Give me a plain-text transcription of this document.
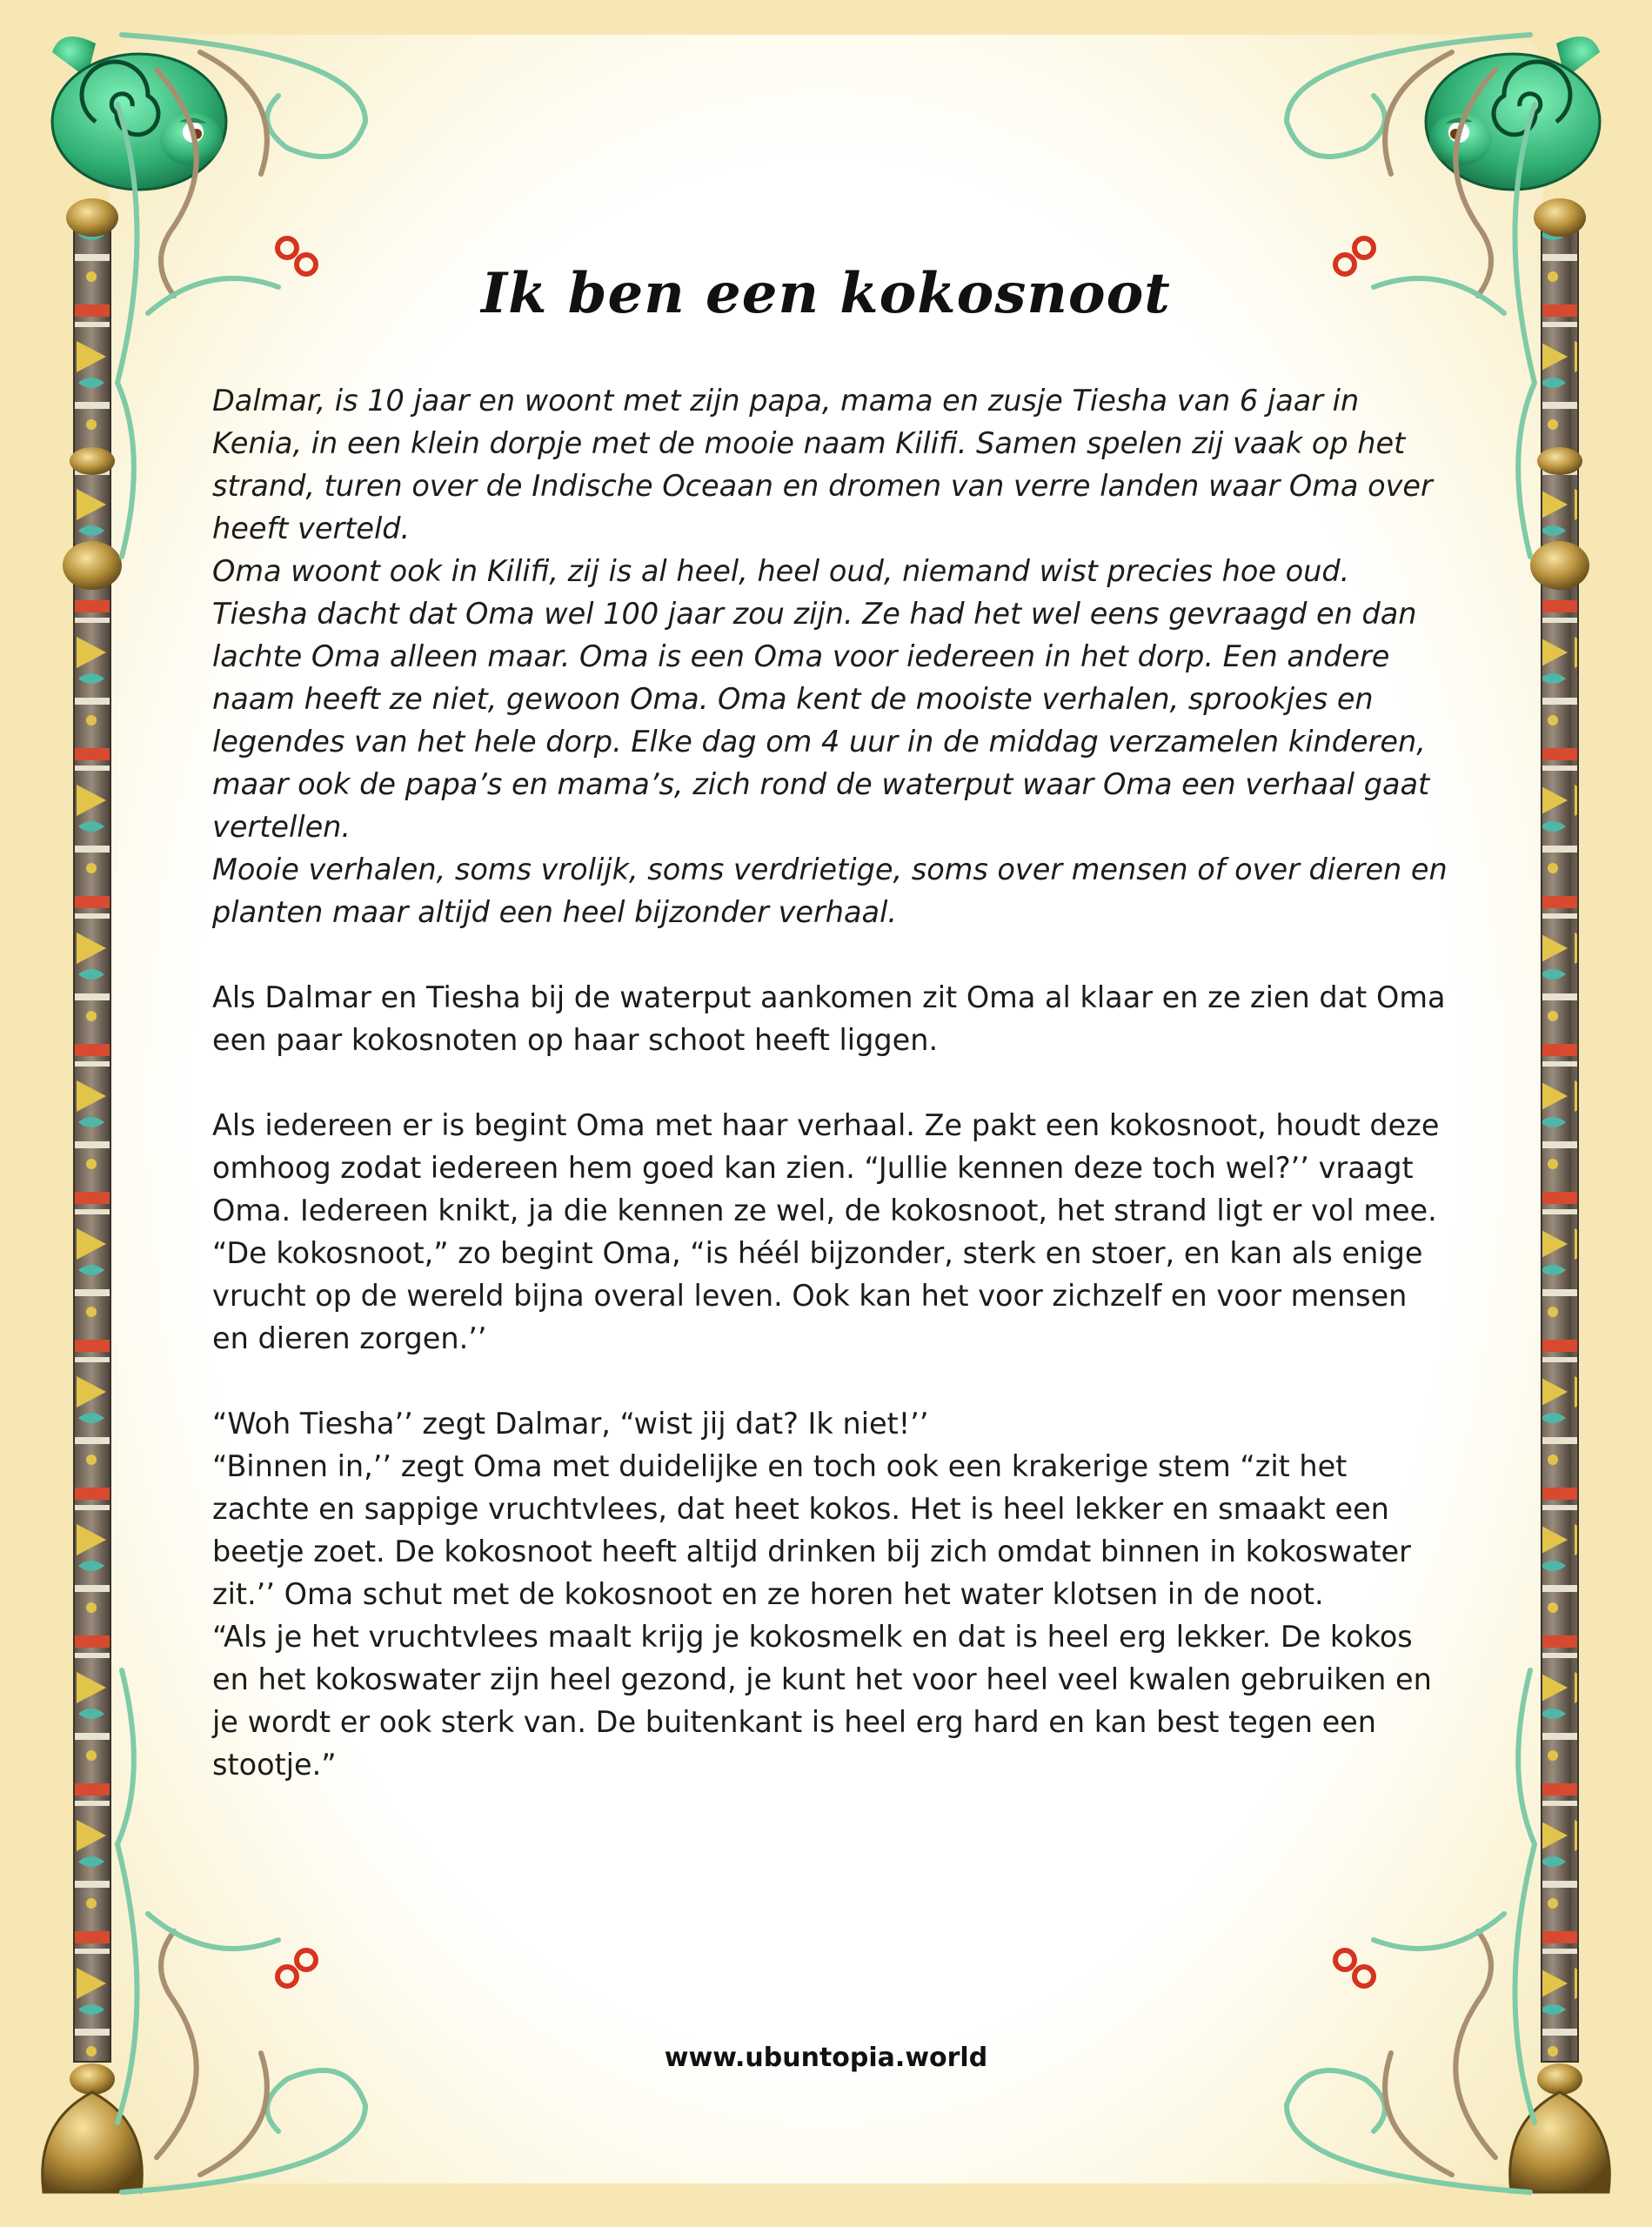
Ik ben een kokosnoot

Dalmar, is 10 jaar en woont met zijn papa, mama en zusje Tiesha van 6 jaar in Kenia, in een klein dorpje met de mooie naam Kilifi. Samen spelen zij vaak op het strand, turen over de Indische Oceaan en dromen van verre landen waar Oma over heeft verteld.

Oma woont ook in Kilifi, zij is al heel, heel oud, niemand wist precies hoe oud. Tiesha dacht dat Oma wel 100 jaar zou zijn. Ze had het wel eens gevraagd en dan lachte Oma alleen maar. Oma is een Oma voor iedereen in het dorp. Een andere naam heeft ze niet, gewoon Oma. Oma kent de mooiste verhalen, sprookjes en legendes van het hele dorp. Elke dag om 4 uur in de middag verzamelen kinderen, maar ook de papa’s en mama’s, zich rond de waterput waar Oma een verhaal gaat vertellen.

Mooie verhalen, soms vrolijk, soms verdrietige, soms over mensen of over dieren en planten maar altijd een heel bijzonder verhaal.

Als Dalmar en Tiesha bij de waterput aankomen zit Oma al klaar en ze zien dat Oma een paar kokosnoten op haar schoot heeft liggen.

Als iedereen er is begint Oma met haar verhaal. Ze pakt een kokosnoot, houdt deze omhoog zodat iedereen hem goed kan zien. “Jullie kennen deze toch wel?’’ vraagt Oma. Iedereen knikt, ja die kennen ze wel, de kokosnoot, het strand ligt er vol mee. “De kokosnoot,” zo begint Oma, “is héél bijzonder, sterk en stoer, en kan als enige vrucht op de wereld bijna overal leven. Ook kan het voor zichzelf en voor mensen en dieren zorgen.’’

“Woh Tiesha’’ zegt Dalmar, “wist jij dat? Ik niet!’’

“Binnen in,’’ zegt Oma met duidelijke en toch ook een krakerige stem “zit het zachte en sappige vruchtvlees, dat heet kokos. Het is heel lekker en smaakt een beetje zoet. De kokosnoot heeft altijd drinken bij zich omdat binnen in kokoswater zit.’’ Oma schut met de kokosnoot en ze horen het water klotsen in de noot.

“Als je het vruchtvlees maalt krijg je kokosmelk en dat is heel erg lekker. De kokos en het kokoswater zijn heel gezond, je kunt het voor heel veel kwalen gebruiken en je wordt er ook sterk van. De buitenkant is heel erg hard en kan best tegen een stootje.”

www.ubuntopia.world
